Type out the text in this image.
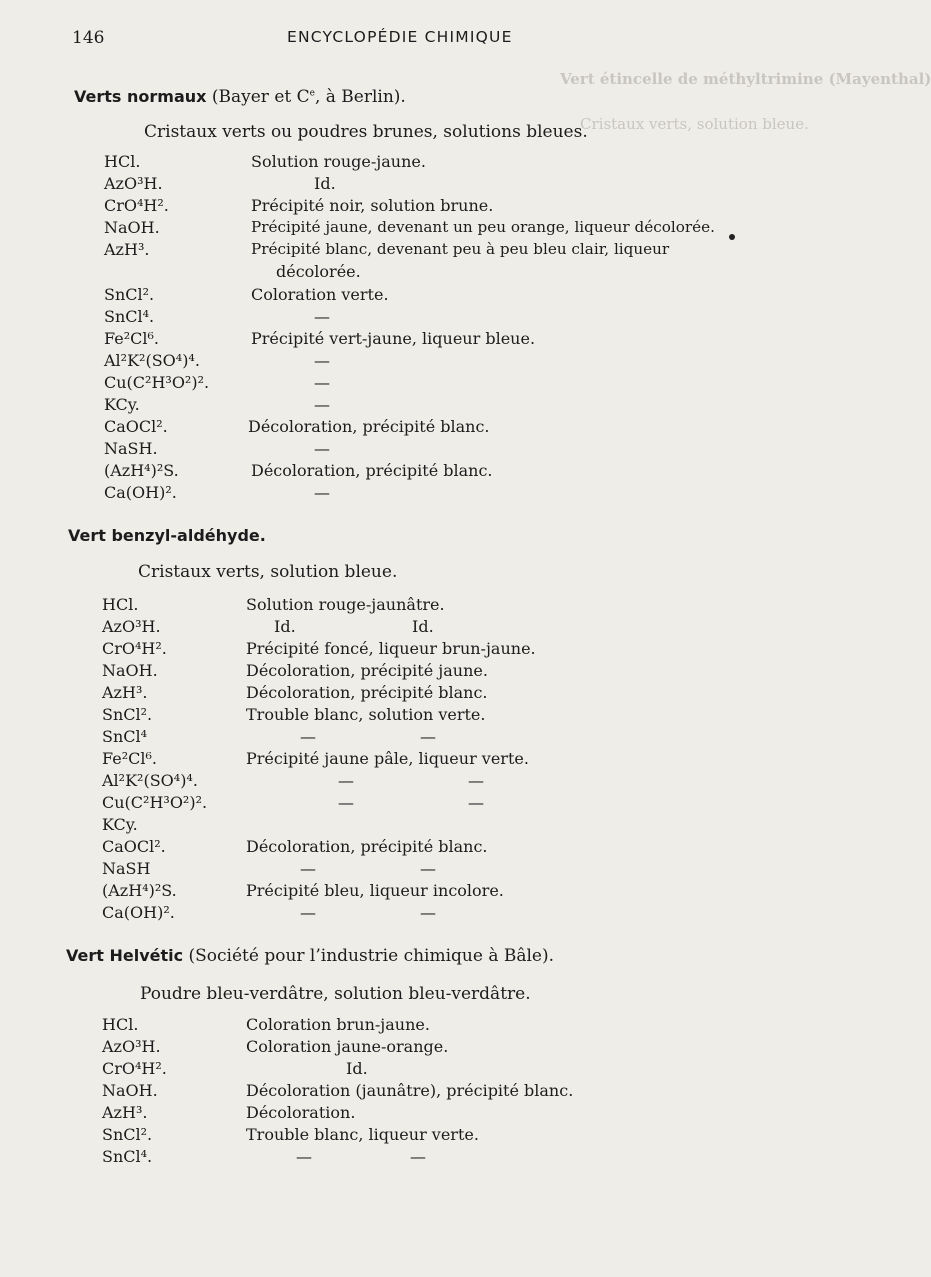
Vert étincelle de méthyltrimine (Mayenthal)
Cristaux verts, solution bleue.
146	ENCYCLOPÉDIE CHIMIQUE
Verts normaux (Bayer et Ce, à Berlin).
Cristaux verts ou poudres brunes, solutions bleues.
HCl.	Solution rouge-jaune.
AzO³H.	Id.
CrO⁴H².	Précipité noir, solution brune.
NaOH.	Précipité jaune, devenant un peu orange, liqueur décolorée.
AzH³.	Précipité blanc, devenant peu à peu bleu clair, liqueur
décolorée.
SnCl².	Coloration verte.
SnCl⁴.	—
Fe²Cl⁶.	Précipité vert-jaune, liqueur bleue.
Al²K²(SO⁴)⁴.	—
Cu(C²H³O²)².	—
KCy.	—
CaOCl².	Décoloration, précipité blanc.
NaSH.	—
(AzH⁴)²S.	Décoloration, précipité blanc.
Ca(OH)².	—
Vert benzyl-aldéhyde.
Cristaux verts, solution bleue.
HCl.	Solution rouge-jaunâtre.
AzO³H.	Id.	Id.
CrO⁴H².	Précipité foncé, liqueur brun-jaune.
NaOH.	Décoloration, précipité jaune.
AzH³.	Décoloration, précipité blanc.
SnCl².	Trouble blanc, solution verte.
SnCl⁴	—	—
Fe²Cl⁶.	Précipité jaune pâle, liqueur verte.
Al²K²(SO⁴)⁴.	—	—
Cu(C²H³O²)².	—	—
KCy.
CaOCl².	Décoloration, précipité blanc.
NaSH	—	—
(AzH⁴)²S.	Précipité bleu, liqueur incolore.
Ca(OH)².	—	—
Vert Helvétic (Société pour l’industrie chimique à Bâle).
Poudre bleu-verdâtre, solution bleu-verdâtre.
HCl.	Coloration brun-jaune.
AzO³H.	Coloration jaune-orange.
CrO⁴H².	Id.
NaOH.	Décoloration (jaunâtre), précipité blanc.
AzH³.	Décoloration.
SnCl².	Trouble blanc, liqueur verte.
SnCl⁴.	—	—
